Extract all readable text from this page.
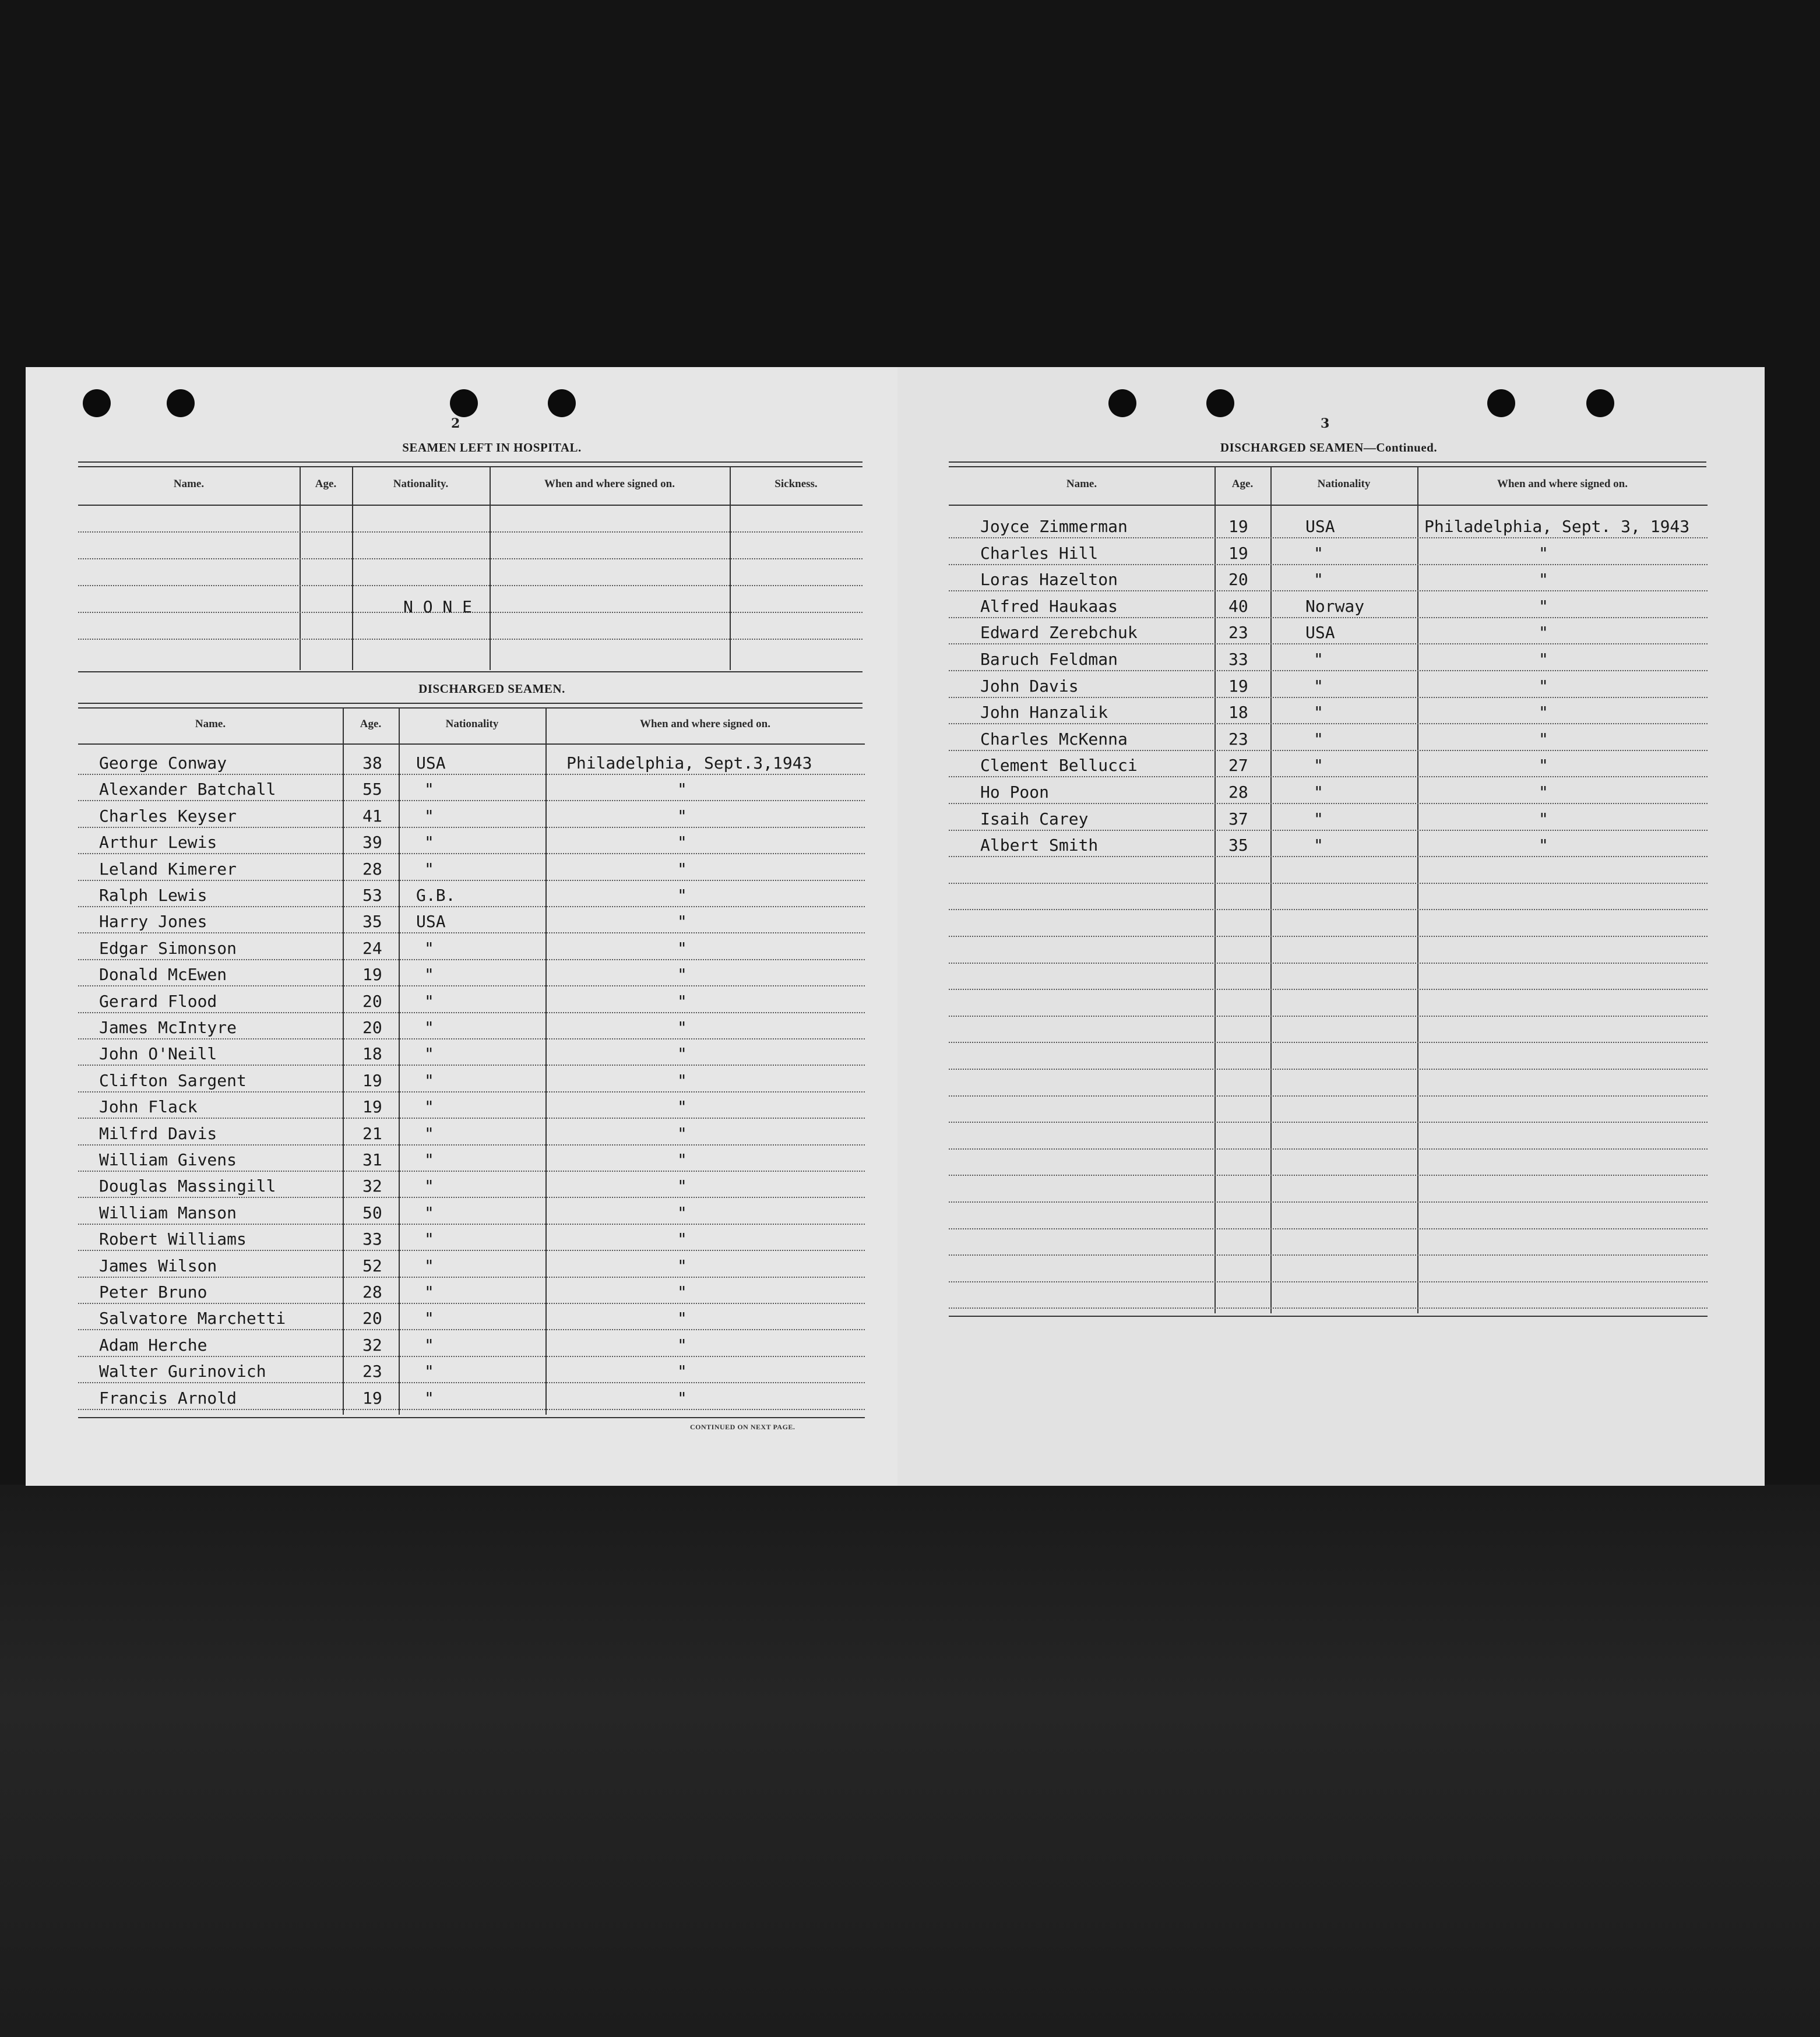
2
SEAMEN LEFT IN HOSPITAL.
Name.	Age.	Nationality.	When and where signed on.	Sickness.
N O N E
DISCHARGED SEAMEN.
Name.	Age.	Nationality	When and where signed on.
George Conway	38 USA	Philadelphia, Sept.3,1943
Alexander Batchall	55	"	"
Charles Keyser	41	"	"
Arthur Lewis	39	"	"
Leland Kimerer	28	"	"
Ralph Lewis	53 G.B.	"
Harry Jones	35 USA	"
Edgar Simonson	24	"	"
Donald McEwen	19	"	"
Gerard Flood	20	"	"
James McIntyre	20	"	"
John O'Neill	18	"	"
Clifton Sargent	19	"	"
John Flack	19	"	"
Milfrd Davis	21	"	"
William Givens	31	"	"
Douglas Massingill	32	"	"
William Manson	50	"	"
Robert Williams	33	"	"
James Wilson	52	"	"
Peter Bruno	28	"	"
Salvatore Marchetti	20	"	"
Adam Herche	32	"	"
Walter Gurinovich	23	"	"
Francis Arnold	19	"	"
CONTINUED ON NEXT PAGE.
3
DISCHARGED SEAMEN—Continued.
Name.	Age.	Nationality	When and where signed on.
Joyce Zimmerman	19	USA	Philadelphia, Sept. 3, 1943
Charles Hill	19	"	"
Loras Hazelton	20	"	"
Alfred Haukaas	40	Norway	"
Edward Zerebchuk	23	USA	"
Baruch Feldman	33	"	"
John Davis	19	"	"
John Hanzalik	18	"	"
Charles McKenna	23	"	"
Clement Bellucci	27	"	"
Ho Poon	28	"	"
Isaih Carey	37	"	"
Albert Smith	35	"	"
